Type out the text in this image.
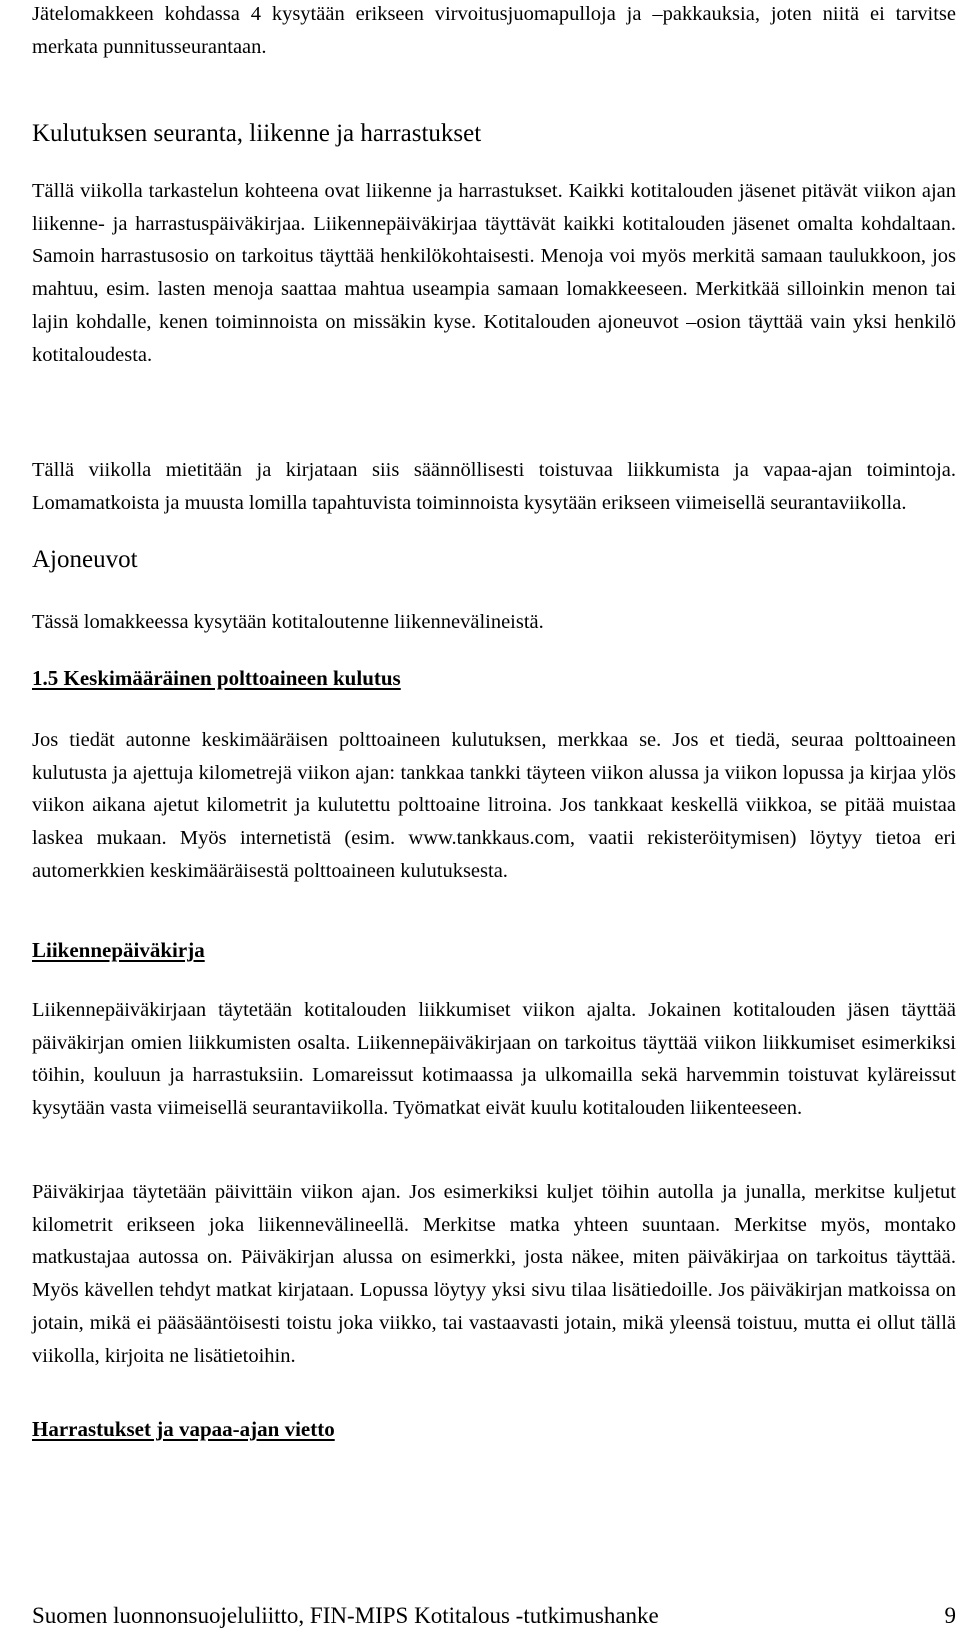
Jätelomakkeen kohdassa 4 kysytään erikseen virvoitusjuomapulloja ja –pakkauksia, joten niitä ei tarvitse merkata punnitusseurantaan.

Kulutuksen seuranta, liikenne ja harrastukset

Tällä viikolla tarkastelun kohteena ovat liikenne ja harrastukset. Kaikki kotitalouden jäsenet pitävät viikon ajan liikenne- ja harrastuspäiväkirjaa. Liikennepäiväkirjaa täyttävät kaikki kotitalouden jäsenet omalta kohdaltaan. Samoin harrastusosio on tarkoitus täyttää henkilökohtaisesti. Menoja voi myös merkitä samaan taulukkoon, jos mahtuu, esim. lasten menoja saattaa mahtua useampia samaan lomakkeeseen. Merkitkää silloinkin menon tai lajin kohdalle, kenen toiminnoista on missäkin kyse. Kotitalouden ajoneuvot –osion täyttää vain yksi henkilö kotitaloudesta.

Tällä viikolla mietitään ja kirjataan siis säännöllisesti toistuvaa liikkumista ja vapaa-ajan toimintoja. Lomamatkoista ja muusta lomilla tapahtuvista toiminnoista kysytään erikseen viimeisellä seurantaviikolla.

Ajoneuvot

Tässä lomakkeessa kysytään kotitaloutenne liikennevälineistä.

1.5 Keskimääräinen polttoaineen kulutus

Jos tiedät autonne keskimääräisen polttoaineen kulutuksen, merkkaa se. Jos et tiedä, seuraa polttoaineen kulutusta ja ajettuja kilometrejä viikon ajan: tankkaa tankki täyteen viikon alussa ja viikon lopussa ja kirjaa ylös viikon aikana ajetut kilometrit ja kulutettu polttoaine litroina. Jos tankkaat keskellä viikkoa, se pitää muistaa laskea mukaan. Myös internetistä (esim. www.tankkaus.com, vaatii rekisteröitymisen) löytyy tietoa eri automerkkien keskimääräisestä polttoaineen kulutuksesta.

Liikennepäiväkirja

Liikennepäiväkirjaan täytetään kotitalouden liikkumiset viikon ajalta. Jokainen kotitalouden jäsen täyttää päiväkirjan omien liikkumisten osalta. Liikennepäiväkirjaan on tarkoitus täyttää viikon liikkumiset esimerkiksi töihin, kouluun ja harrastuksiin. Lomareissut kotimaassa ja ulkomailla sekä harvemmin toistuvat kyläreissut kysytään vasta viimeisellä seurantaviikolla. Työmatkat eivät kuulu kotitalouden liikenteeseen.

Päiväkirjaa täytetään päivittäin viikon ajan. Jos esimerkiksi kuljet töihin autolla ja junalla, merkitse kuljetut kilometrit erikseen joka liikennevälineellä. Merkitse matka yhteen suuntaan. Merkitse myös, montako matkustajaa autossa on. Päiväkirjan alussa on esimerkki, josta näkee, miten päiväkirjaa on tarkoitus täyttää. Myös kävellen tehdyt matkat kirjataan. Lopussa löytyy yksi sivu tilaa lisätiedoille. Jos päiväkirjan matkoissa on jotain, mikä ei pääsääntöisesti toistu joka viikko, tai vastaavasti jotain, mikä yleensä toistuu, mutta ei ollut tällä viikolla, kirjoita ne lisätietoihin.

Harrastukset ja vapaa-ajan vietto
Suomen luonnonsuojeluliitto, FIN-MIPS Kotitalous -tutkimushanke	9
